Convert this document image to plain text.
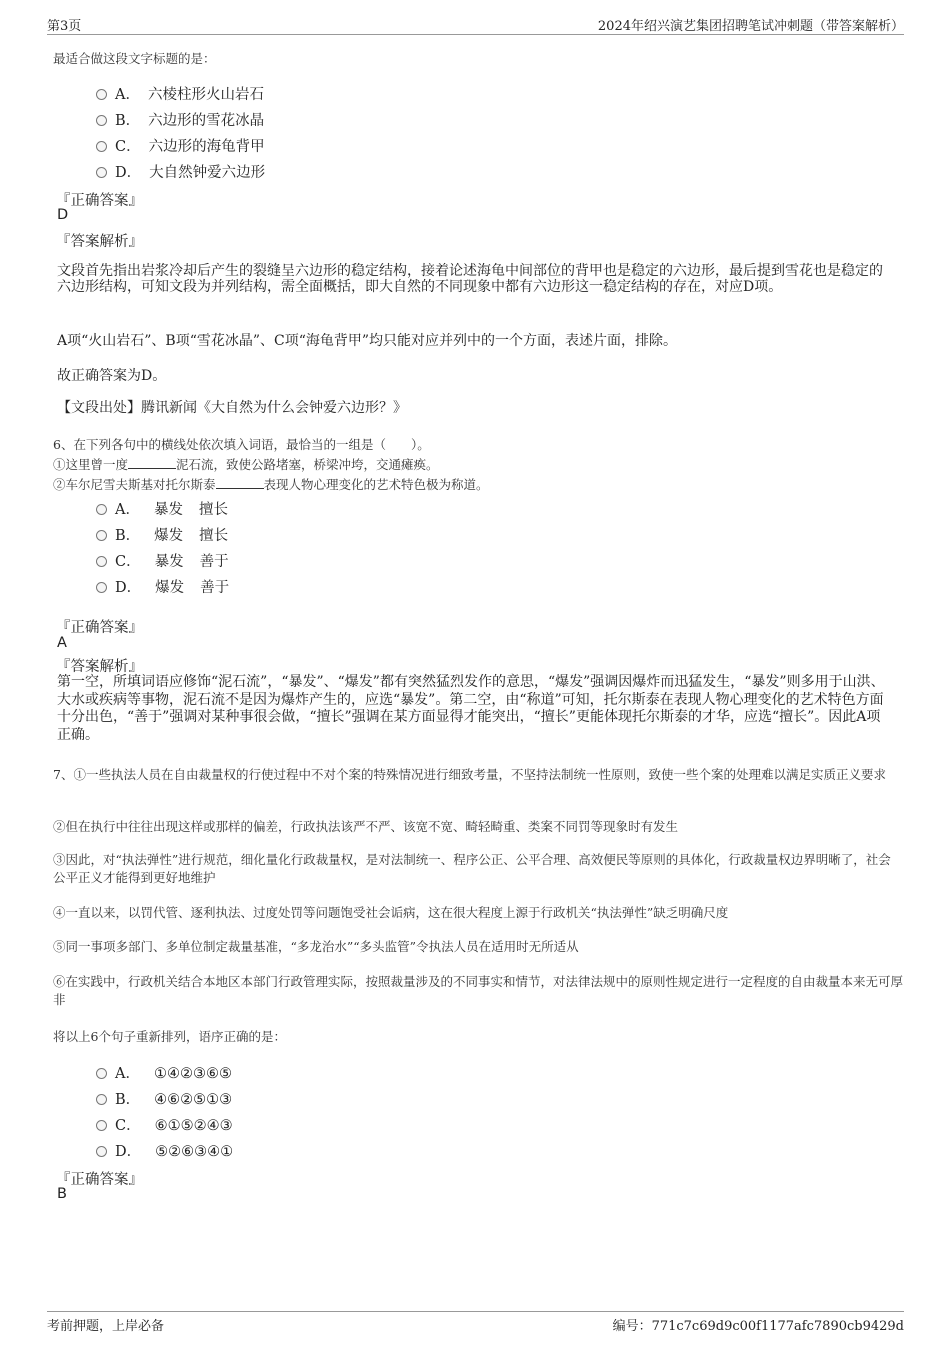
第3页	2024年绍兴演艺集团招聘笔试冲刺题（带答案解析）
最适合做这段文字标题的是：
A． 六棱柱形火山岩石
B． 六边形的雪花冰晶
C． 六边形的海龟背甲
D． 大自然钟爱六边形
『正确答案』
D
『答案解析』
文段首先指出岩浆冷却后产生的裂缝呈六边形的稳定结构，接着论述海龟中间部位的背甲也是稳定的六边形，最后提到雪花也是稳定的六边形结构，可知文段为并列结构，需全面概括，即大自然的不同现象中都有六边形这一稳定结构的存在，对应D项。
A项“火山岩石”、B项“雪花冰晶”、C项“海龟背甲”均只能对应并列中的一个方面，表述片面，排除。
故正确答案为D。
【文段出处】腾讯新闻《大自然为什么会钟爱六边形？》
6、在下列各句中的横线处依次填入词语，最恰当的一组是（　　）。
①这里曾一度	泥石流，致使公路堵塞，桥梁冲垮，交通瘫痪。
②车尔尼雪夫斯基对托尔斯泰	表现人物心理变化的艺术特色极为称道。
A． 暴发 擅长
B． 爆发 擅长
C． 暴发 善于
D． 爆发 善于
『正确答案』
A
『答案解析』
第一空，所填词语应修饰“泥石流”，“暴发”、“爆发”都有突然猛烈发作的意思，“爆发”强调因爆炸而迅猛发生，“暴发”则多用于山洪、大水或疾病等事物，泥石流不是因为爆炸产生的，应选“暴发”。第二空，由“称道”可知，托尔斯泰在表现人物心理变化的艺术特色方面十分出色，“善于”强调对某种事很会做，“擅长”强调在某方面显得才能突出，“擅长”更能体现托尔斯泰的才华，应选“擅长”。因此A项正确。
7、①一些执法人员在自由裁量权的行使过程中不对个案的特殊情况进行细致考量，不坚持法制统一性原则，致使一些个案的处理难以满足实质正义要求
②但在执行中往往出现这样或那样的偏差，行政执法该严不严、该宽不宽、畸轻畸重、类案不同罚等现象时有发生
③因此，对“执法弹性”进行规范，细化量化行政裁量权，是对法制统一、程序公正、公平合理、高效便民等原则的具体化，行政裁量权边界明晰了，社会公平正义才能得到更好地维护
④一直以来，以罚代管、逐利执法、过度处罚等问题饱受社会诟病，这在很大程度上源于行政机关“执法弹性”缺乏明确尺度
⑤同一事项多部门、多单位制定裁量基准，“多龙治水”“多头监管”令执法人员在适用时无所适从
⑥在实践中，行政机关结合本地区本部门行政管理实际，按照裁量涉及的不同事实和情节，对法律法规中的原则性规定进行一定程度的自由裁量本来无可厚非
将以上6个句子重新排列，语序正确的是：
A． ①④②③⑥⑤
B． ④⑥②⑤①③
C． ⑥①⑤②④③
D． ⑤②⑥③④①
『正确答案』
B
考前押题，上岸必备	编号：771c7c69d9c00f1177afc7890cb9429d
